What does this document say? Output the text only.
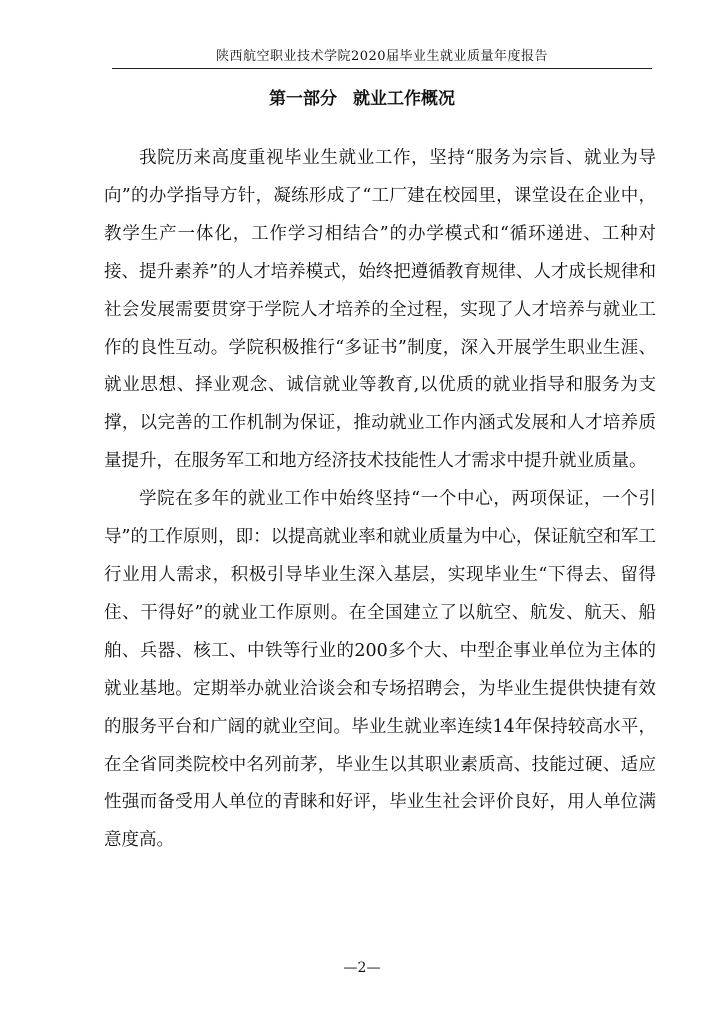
陕西航空职业技术学院2020届毕业生就业质量年度报告
第一部分 就业工作概况

我院历来高度重视毕业生就业工作，坚持“服务为宗旨、就业为导向”的办学指导方针，凝练形成了“工厂建在校园里，课堂设在企业中，教学生产一体化，工作学习相结合”的办学模式和“循环递进、工种对接、提升素养”的人才培养模式，始终把遵循教育规律、人才成长规律和社会发展需要贯穿于学院人才培养的全过程，实现了人才培养与就业工作的良性互动。学院积极推行“多证书”制度，深入开展学生职业生涯、就业思想、择业观念、诚信就业等教育,以优质的就业指导和服务为支撑，以完善的工作机制为保证，推动就业工作内涵式发展和人才培养质量提升，在服务军工和地方经济技术技能性人才需求中提升就业质量。

学院在多年的就业工作中始终坚持“一个中心，两项保证，一个引导”的工作原则，即：以提高就业率和就业质量为中心，保证航空和军工行业用人需求，积极引导毕业生深入基层，实现毕业生“下得去、留得住、干得好”的就业工作原则。在全国建立了以航空、航发、航天、船舶、兵器、核工、中铁等行业的200多个大、中型企事业单位为主体的就业基地。定期举办就业洽谈会和专场招聘会，为毕业生提供快捷有效的服务平台和广阔的就业空间。毕业生就业率连续14年保持较高水平，在全省同类院校中名列前茅，毕业生以其职业素质高、技能过硬、适应性强而备受用人单位的青睐和好评，毕业生社会评价良好，用人单位满意度高。

—2—
